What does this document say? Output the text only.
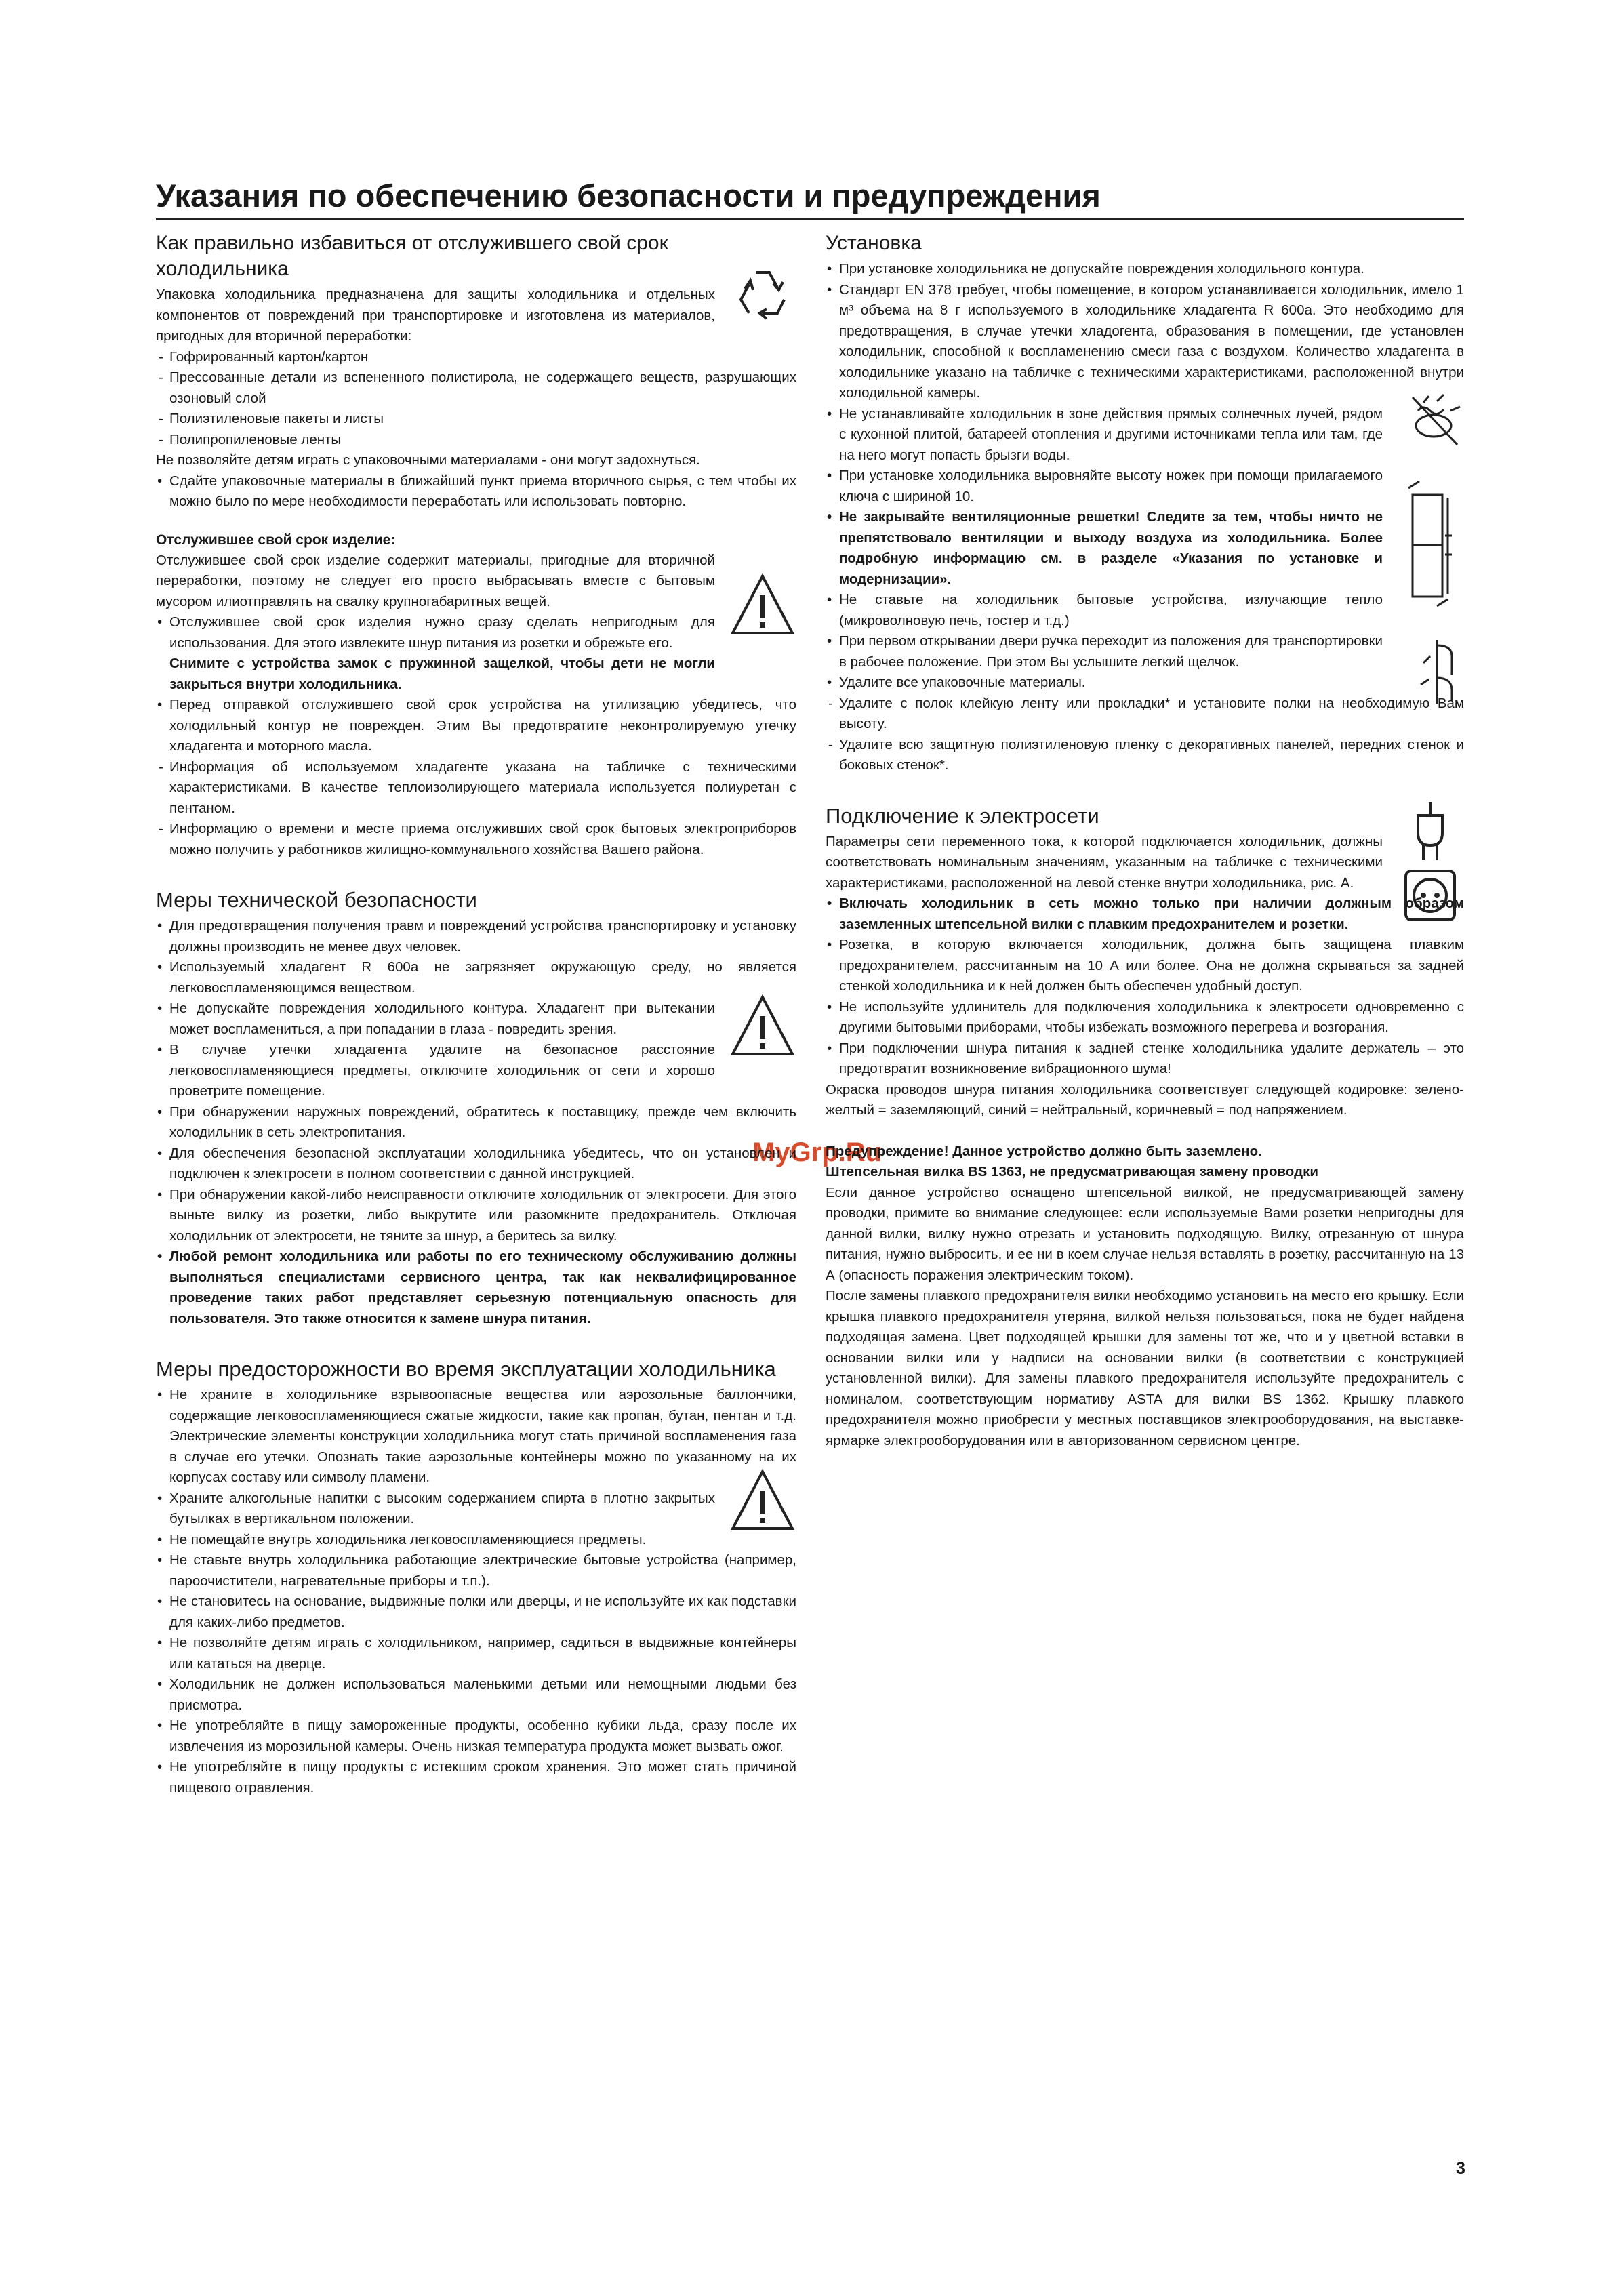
Указания по обеспечению безопасности и предупреждения
MyGrp.Ru
Как правильно избавиться от отслужившего свой срок холодильника

Упаковка холодильника предназначена для защиты холодильника и отдельных компонентов от повреждений при транспортировке и изготовлена из материалов, пригодных для вторичной переработки:

- Гофрированный картон/картон
- Прессованные детали из вспененного полистирола, не содержащего веществ, разрушающих озоновый слой
- Полиэтиленовые пакеты и листы
- Полипропиленовые ленты

Не позволяйте детям играть с упаковочными материалами - они могут задохнуться.

• Сдайте упаковочные материалы в ближайший пункт приема вторичного сырья, с тем чтобы их можно было по мере необходимости переработать или использовать повторно.
Отслужившее свой срок изделие:

Отслужившее свой срок изделие содержит материалы, пригодные для вторичной переработки, поэтому не следует его просто выбрасывать вместе с бытовым мусором илиотправлять на свалку крупногабаритных вещей.

• Отслужившее свой срок изделия нужно сразу сделать непригодным для использования. Для этого извлеките шнур питания из розетки и обрежьте его.
Снимите с устройства замок с пружинной защелкой, чтобы дети не могли закрыться внутри холодильника.
• Перед отправкой отслужившего свой срок устройства на утилизацию убедитесь, что холодильный контур не поврежден. Этим Вы предотвратите неконтролируемую утечку хладагента и моторного масла.
- Информация об используемом хладагенте указана на табличке с техническими характеристиками. В качестве теплоизолирующего материала используется полиуретан с пентаном.
- Информацию о времени и месте приема отслуживших свой срок бытовых электроприборов можно получить у работников жилищно-коммунального хозяйства Вашего района.
Меры технической безопасности
• Для предотвращения получения травм и повреждений устройства транспортировку и установку должны производить не менее двух человек.
• Используемый хладагент R 600а не загрязняет окружающую среду, но является легковоспламеняющимся веществом.
• Не допускайте повреждения холодильного контура. Хладагент при вытекании может воспламениться, а при попадании в глаза - повредить зрения.
• В случае утечки хладагента удалите на безопасное расстояние легковоспламеняющиеся предметы, отключите холодильник от сети и хорошо проветрите помещение.
• При обнаружении наружных повреждений, обратитесь к поставщику, прежде чем включить холодильник в сеть электропитания.
• Для обеспечения безопасной эксплуатации холодильника убедитесь, что он установлен и подключен к электросети в полном соответствии с данной инструкцией.
• При обнаружении какой-либо неисправности отключите холодильник от электросети. Для этого выньте вилку из розетки, либо выкрутите или разомкните предохранитель. Отключая холодильник от электросети, не тяните за шнур, а беритесь за вилку.
• Любой ремонт холодильника или работы по его техническому обслуживанию должны выполняться специалистами сервисного центра, так как неквалифицированное проведение таких работ представляет серьезную потенциальную опасность для пользователя. Это также относится к замене шнура питания.
Меры предосторожности во время эксплуатации холодильника
• Не храните в холодильнике взрывоопасные вещества или аэрозольные баллончики, содержащие легковоспламеняющиеся сжатые жидкости, такие как пропан, бутан, пентан и т.д. Электрические элементы конструкции холодильника могут стать причиной воспламенения газа в случае его утечки. Опознать такие аэрозольные контейнеры можно по указанному на их корпусах составу или символу пламени.
• Храните алкогольные напитки с высоким содержанием спирта в плотно закрытых бутылках в вертикальном положении.
• Не помещайте внутрь холодильника легковоспламеняющиеся предметы.
• Не ставьте внутрь холодильника работающие электрические бытовые устройства (например, пароочистители, нагревательные приборы и т.п.).
• Не становитесь на основание, выдвижные полки или дверцы, и не используйте их как подставки для каких-либо предметов.
• Не позволяйте детям играть с холодильником, например, садиться в выдвижные контейнеры или кататься на дверце.
• Холодильник не должен использоваться маленькими детьми или немощными людьми без присмотра.
• Не употребляйте в пищу замороженные продукты, особенно кубики льда, сразу после их извлечения из морозильной камеры. Очень низкая температура продукта может вызвать ожог.
• Не употребляйте в пищу продукты с истекшим сроком хранения. Это может стать причиной пищевого отравления.
Установка
• При установке холодильника не допускайте повреждения холодильного контура.
• Стандарт EN 378 требует, чтобы помещение, в котором устанавливается холодильник, имело 1 м³ объема на 8 г используемого в холодильнике хладагента R 600а. Это необходимо для предотвращения, в случае утечки хладогента, образования в помещении, где установлен холодильник, способной к воспламенению смеси газа с воздухом. Количество хладагента в холодильнике указано на табличке с техническими характеристиками, расположенной внутри холодильной камеры.
• Не устанавливайте холодильник в зоне действия прямых солнечных лучей, рядом с кухонной плитой, батареей отопления и другими источниками тепла или там, где на него могут попасть брызги воды.
• При установке холодильника выровняйте высоту ножек при помощи прилагаемого ключа с шириной 10.
• Не закрывайте вентиляционные решетки! Следите за тем, чтобы ничто не препятствовало вентиляции и выходу воздуха из холодильника. Более подробную информацию см. в разделе «Указания по установке и модернизации».
• Не ставьте на холодильник бытовые устройства, излучающие тепло (микроволновую печь, тостер и т.д.)
• При первом открывании двери ручка переходит из положения для транспортировки в рабочее положение. При этом Вы услышите легкий щелчок.
• Удалите все упаковочные материалы.
- Удалите с полок клейкую ленту или прокладки* и установите полки на необходимую Вам высоту.
- Удалите всю защитную полиэтиленовую пленку с декоративных панелей, передних стенок и боковых стенок*.
Подключение к электросети

Параметры сети переменного тока, к которой подключается холодильник, должны соответствовать номинальным значениям, указанным на табличке с техническими характеристиками, расположенной на левой стенке внутри холодильника, рис. А.

• Включать холодильник в сеть можно только при наличии должным образом заземленных штепсельной вилки с плавким предохранителем и розетки.
• Розетка, в которую включается холодильник, должна быть защищена плавким предохранителем, рассчитанным на 10 А или более. Она не должна скрываться за задней стенкой холодильника и к ней должен быть обеспечен удобный доступ.
• Не используйте удлинитель для подключения холодильника к электросети одновременно с другими бытовыми приборами, чтобы избежать возможного перегрева и возгорания.
• При подключении шнура питания к задней стенке холодильника удалите держатель – это предотвратит возникновение вибрационного шума!

Окраска проводов шнура питания холодильника соответствует следующей кодировке: зелено-желтый = заземляющий, синий = нейтральный, коричневый = под напряжением.

Предупреждение! Данное устройство должно быть заземлено.

Штепсельная вилка BS 1363, не предусматривающая замену проводки

Если данное устройство оснащено штепсельной вилкой, не предусматривающей замену проводки, примите во внимание следующее: если используемые Вами розетки непригодны для данной вилки, вилку нужно отрезать и установить подходящую. Вилку, отрезанную от шнура питания, нужно выбросить, и ее ни в коем случае нельзя вставлять в розетку, рассчитанную на 13 А (опасность поражения электрическим током).

После замены плавкого предохранителя вилки необходимо установить на место его крышку. Если крышка плавкого предохранителя утеряна, вилкой нельзя пользоваться, пока не будет найдена подходящая замена. Цвет подходящей крышки для замены тот же, что и у цветной вставки в основании вилки или у надписи на основании вилки (в соответствии с конструкцией установленной вилки). Для замены плавкого предохранителя используйте предохранитель с номиналом, соответствующим нормативу ASTA для вилки BS 1362. Крышку плавкого предохранителя можно приобрести у местных поставщиков электрооборудования, на выставке-ярмарке электрооборудования или в авторизованном сервисном центре.

3
